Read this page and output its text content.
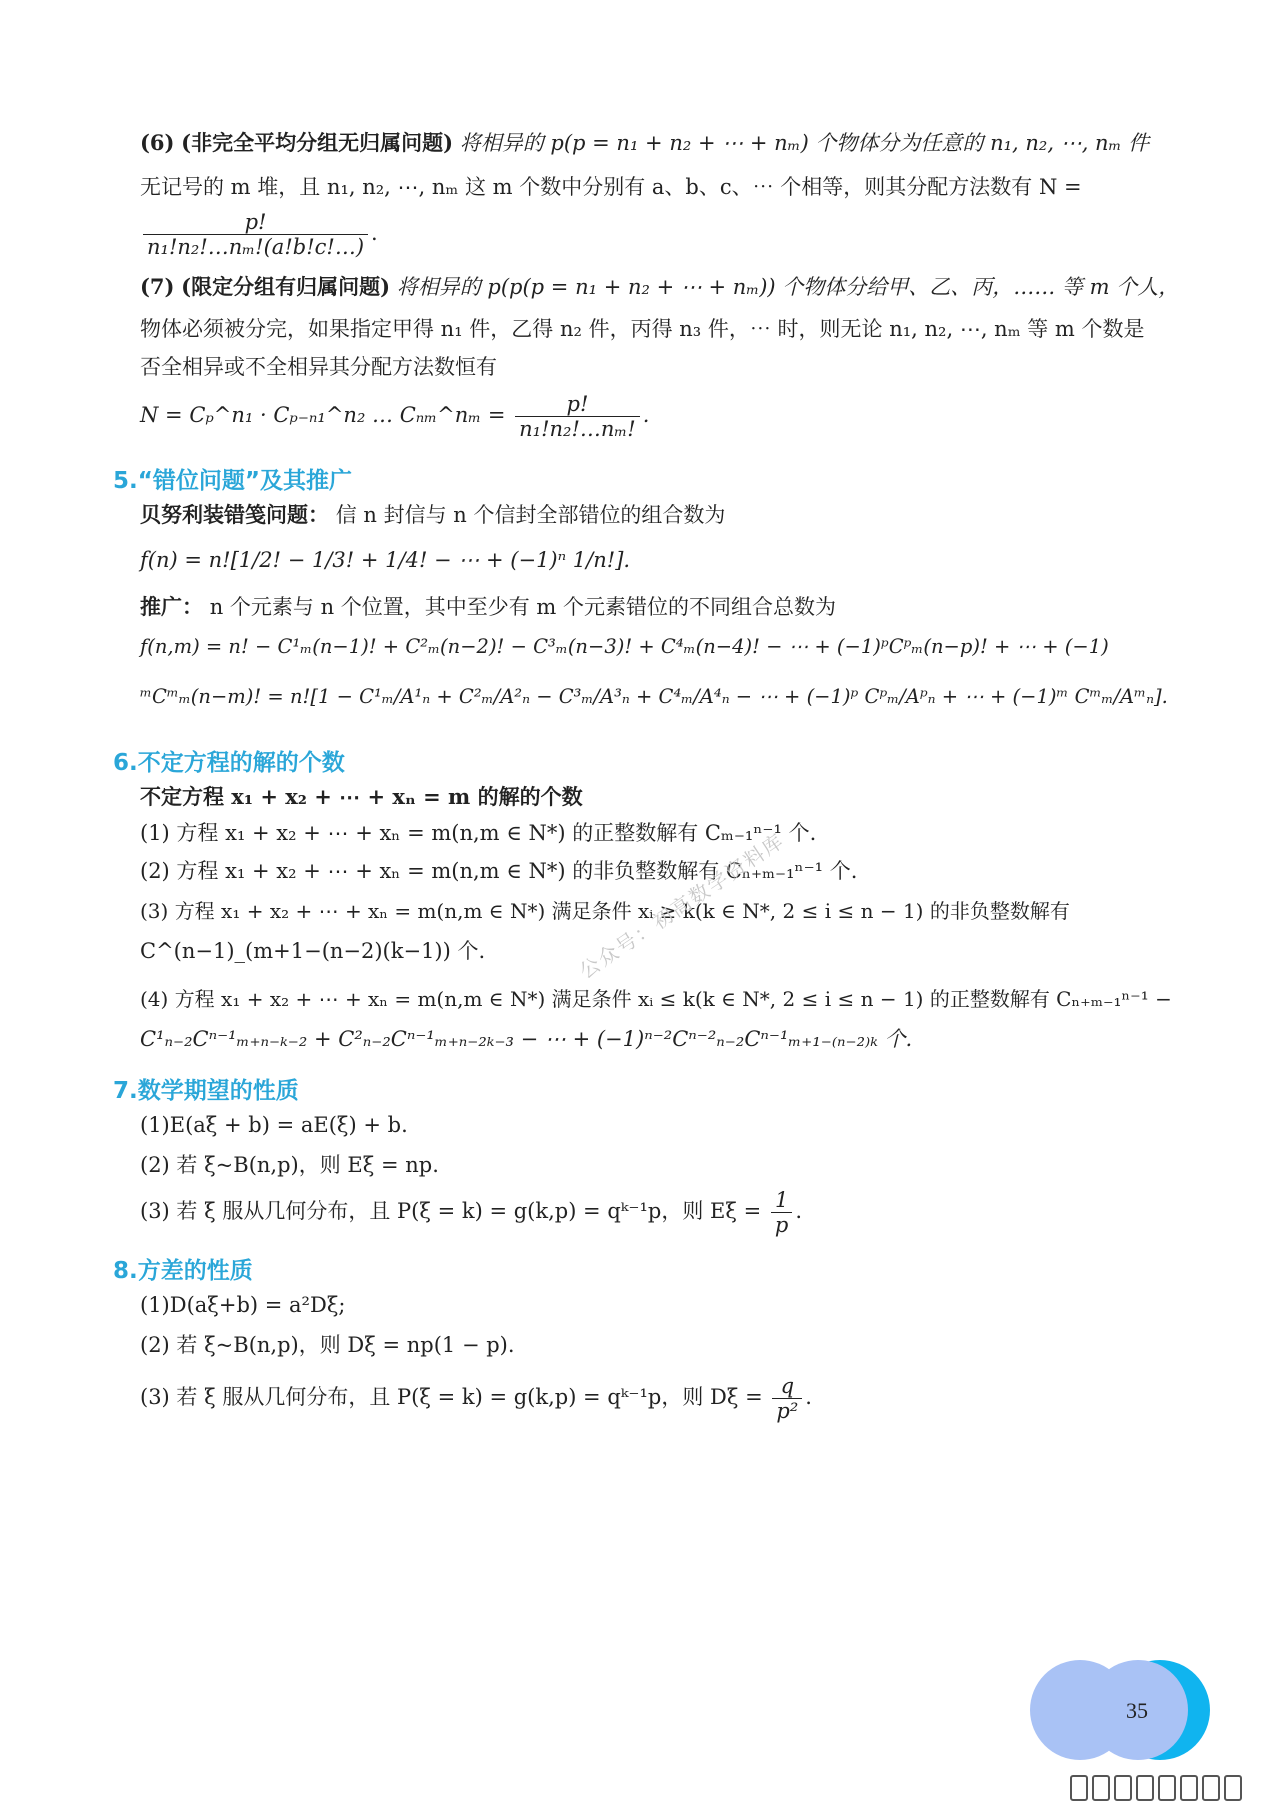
(6) (非完全平均分组无归属问题) 将相异的 p(p = n₁ + n₂ + ⋯ + nₘ) 个物体分为任意的 n₁, n₂, ⋯, nₘ 件
无记号的 m 堆，且 n₁, n₂, ⋯, nₘ 这 m 个数中分别有 a、b、c、⋯ 个相等，则其分配方法数有 N =
$\frac{p!}{\text{n₁!n₂!…nₘ!(a!b!c!…)}}$ .
(7) (限定分组有归属问题) 将相异的 p(p(p = n₁ + n₂ + ⋯ + nₘ)) 个物体分给甲、乙、丙，…… 等 m 个人，
物体必须被分完，如果指定甲得 n₁ 件，乙得 n₂ 件，丙得 n₃ 件，⋯ 时，则无论 n₁, n₂, ⋯, nₘ 等 m 个数是
否全相异或不全相异其分配方法数恒有
N = Cₚ^n₁ · Cₚ₋ₙ₁^n₂ … Cₙₘ^nₘ = $\frac{p!}{\text{n₁!n₂!…nₘ!}}$ .
5.“错位问题”及其推广
贝努利装错笺问题： 信 n 封信与 n 个信封全部错位的组合数为
f(n) = n![1/2! − 1/3! + 1/4! − ⋯ + (−1)ⁿ 1/n!].
推广： n 个元素与 n 个位置，其中至少有 m 个元素错位的不同组合总数为
f(n,m) = n! − C¹ₘ(n−1)! + C²ₘ(n−2)! − C³ₘ(n−3)! + C⁴ₘ(n−4)! − ⋯ + (−1)ᵖCᵖₘ(n−p)! + ⋯ + (−1)
ᵐCᵐₘ(n−m)! = n![1 − C¹ₘ/A¹ₙ + C²ₘ/A²ₙ − C³ₘ/A³ₙ + C⁴ₘ/A⁴ₙ − ⋯ + (−1)ᵖ Cᵖₘ/Aᵖₙ + ⋯ + (−1)ᵐ Cᵐₘ/Aᵐₙ].
6.不定方程的解的个数
不定方程 x₁ + x₂ + ⋯ + xₙ = m 的解的个数
(1) 方程 x₁ + x₂ + ⋯ + xₙ = m(n,m ∈ N*) 的正整数解有 Cₘ₋₁ⁿ⁻¹ 个.
(2) 方程 x₁ + x₂ + ⋯ + xₙ = m(n,m ∈ N*) 的非负整数解有 Cₙ₊ₘ₋₁ⁿ⁻¹ 个.
(3) 方程 x₁ + x₂ + ⋯ + xₙ = m(n,m ∈ N*) 满足条件 xᵢ ≥ k(k ∈ N*, 2 ≤ i ≤ n − 1) 的非负整数解有
C^(n−1)_(m+1−(n−2)(k−1)) 个.
(4) 方程 x₁ + x₂ + ⋯ + xₙ = m(n,m ∈ N*) 满足条件 xᵢ ≤ k(k ∈ N*, 2 ≤ i ≤ n − 1) 的正整数解有 Cₙ₊ₘ₋₁ⁿ⁻¹ −
C¹ₙ₋₂Cⁿ⁻¹ₘ₊ₙ₋ₖ₋₂ + C²ₙ₋₂Cⁿ⁻¹ₘ₊ₙ₋₂ₖ₋₃ − ⋯ + (−1)ⁿ⁻²Cⁿ⁻²ₙ₋₂Cⁿ⁻¹ₘ₊₁₋₍ₙ₋₂₎ₖ 个.
7.数学期望的性质
(1)E(aξ + b) = aE(ξ) + b.
(2) 若 ξ~B(n,p)，则 Eξ = np.
(3) 若 ξ 服从几何分布，且 P(ξ = k) = g(k,p) = qᵏ⁻¹p，则 $E\xi = \frac{1}{p}$ .
8.方差的性质
(1)D(aξ+b) = a²Dξ;
(2) 若 ξ~B(n,p)，则 Dξ = np(1 − p).
(3) 若 ξ 服从几何分布，且 P(ξ = k) = g(k,p) = qᵏ⁻¹p，则 $D\xi = \frac{q}{\text{p²}}$ .
公众号：初高数学资料库
35
